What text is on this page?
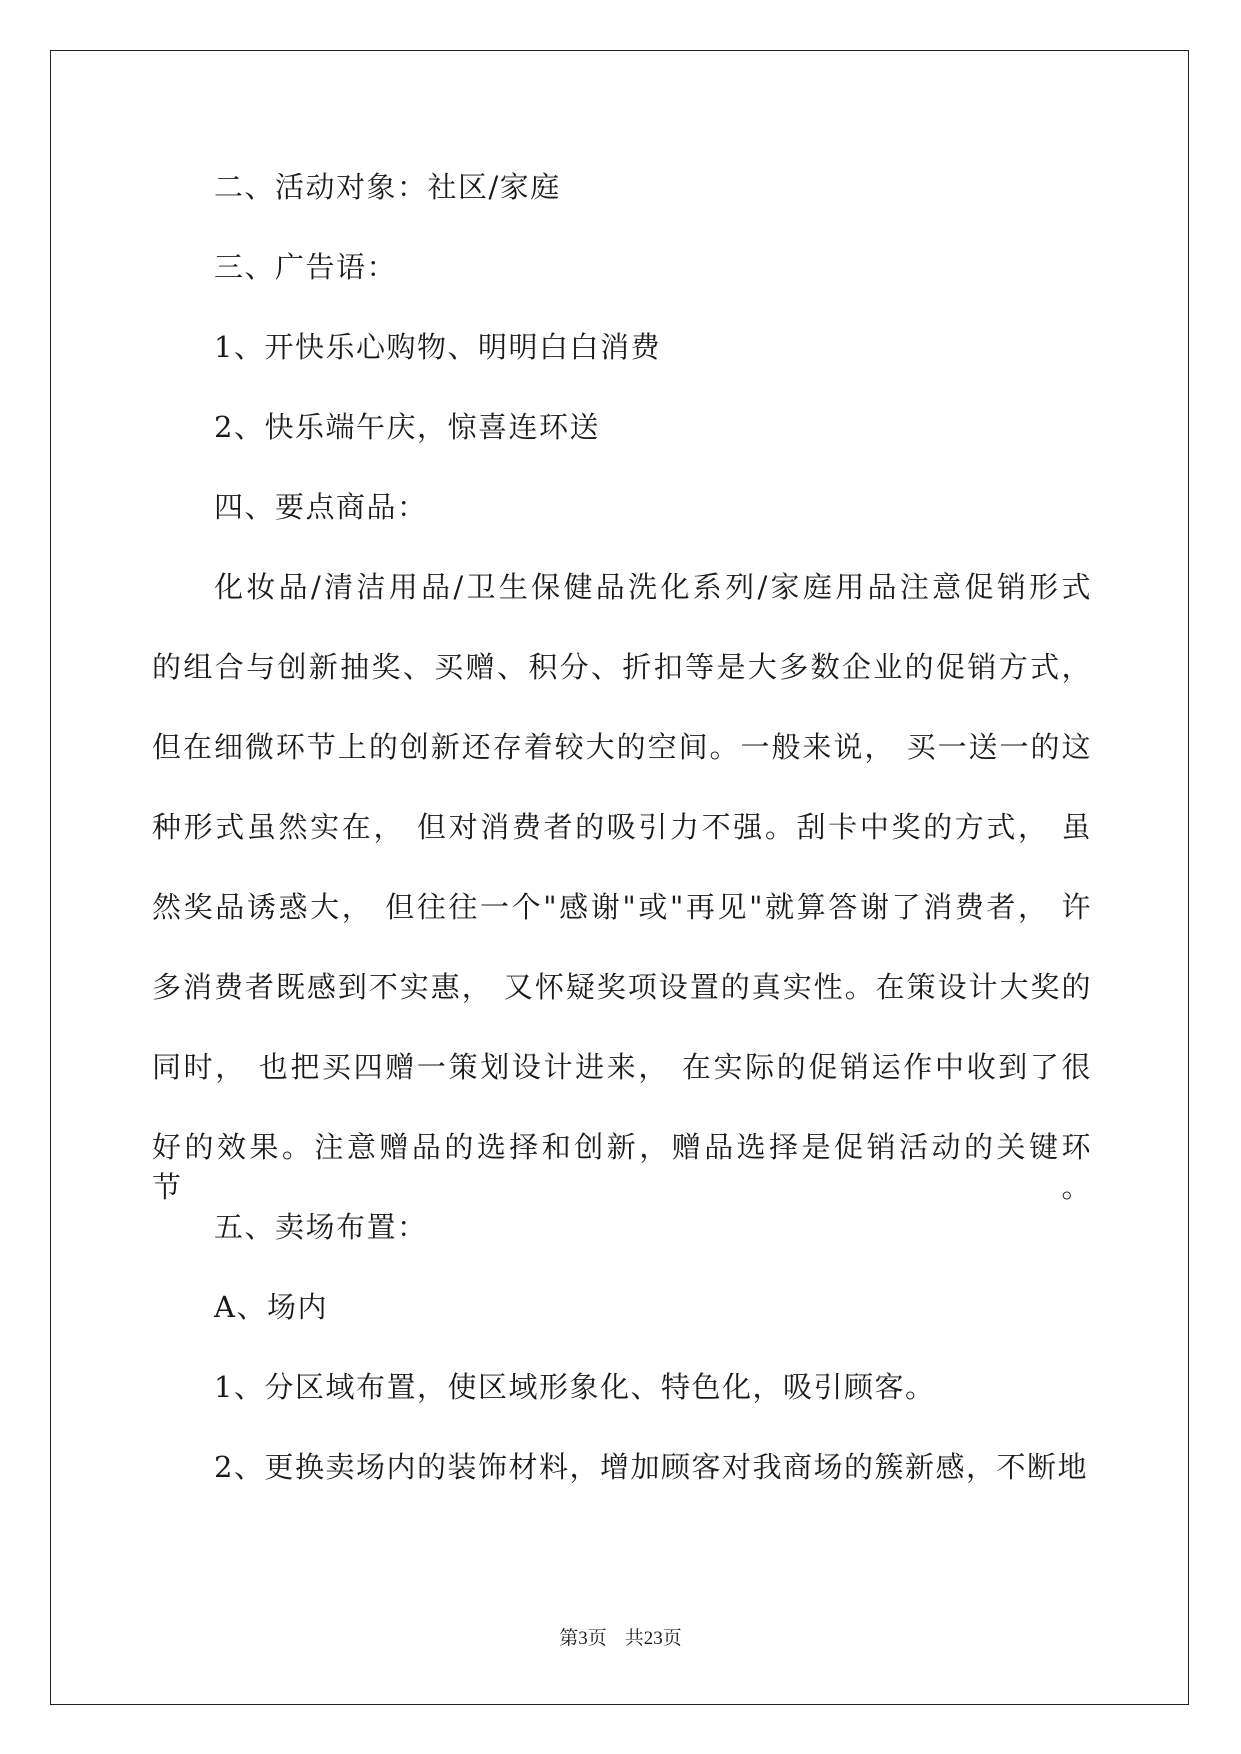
二、活动对象：社区/家庭
三、广告语：
1、开快乐心购物、明明白白消费
2、快乐端午庆，惊喜连环送
四、要点商品：
化妆品/清洁用品/卫生保健品洗化系列/家庭用品注意促销形式
的组合与创新抽奖、买赠、积分、折扣等是大多数企业的促销方式，
但在细微环节上的创新还存着较大的空间。一般来说， 买一送一的这
种形式虽然实在， 但对消费者的吸引力不强。刮卡中奖的方式， 虽
然奖品诱惑大， 但往往一个"感谢"或"再见"就算答谢了消费者， 许
多消费者既感到不实惠， 又怀疑奖项设置的真实性。在策设计大奖的
同时， 也把买四赠一策划设计进来， 在实际的促销运作中收到了很
好的效果。注意赠品的选择和创新，赠品选择是促销活动的关键环节。
五、卖场布置：
A、场内
1、分区域布置，使区域形象化、特色化，吸引顾客。
2、更换卖场内的装饰材料，增加顾客对我商场的簇新感，不断地
第3页 共23页
